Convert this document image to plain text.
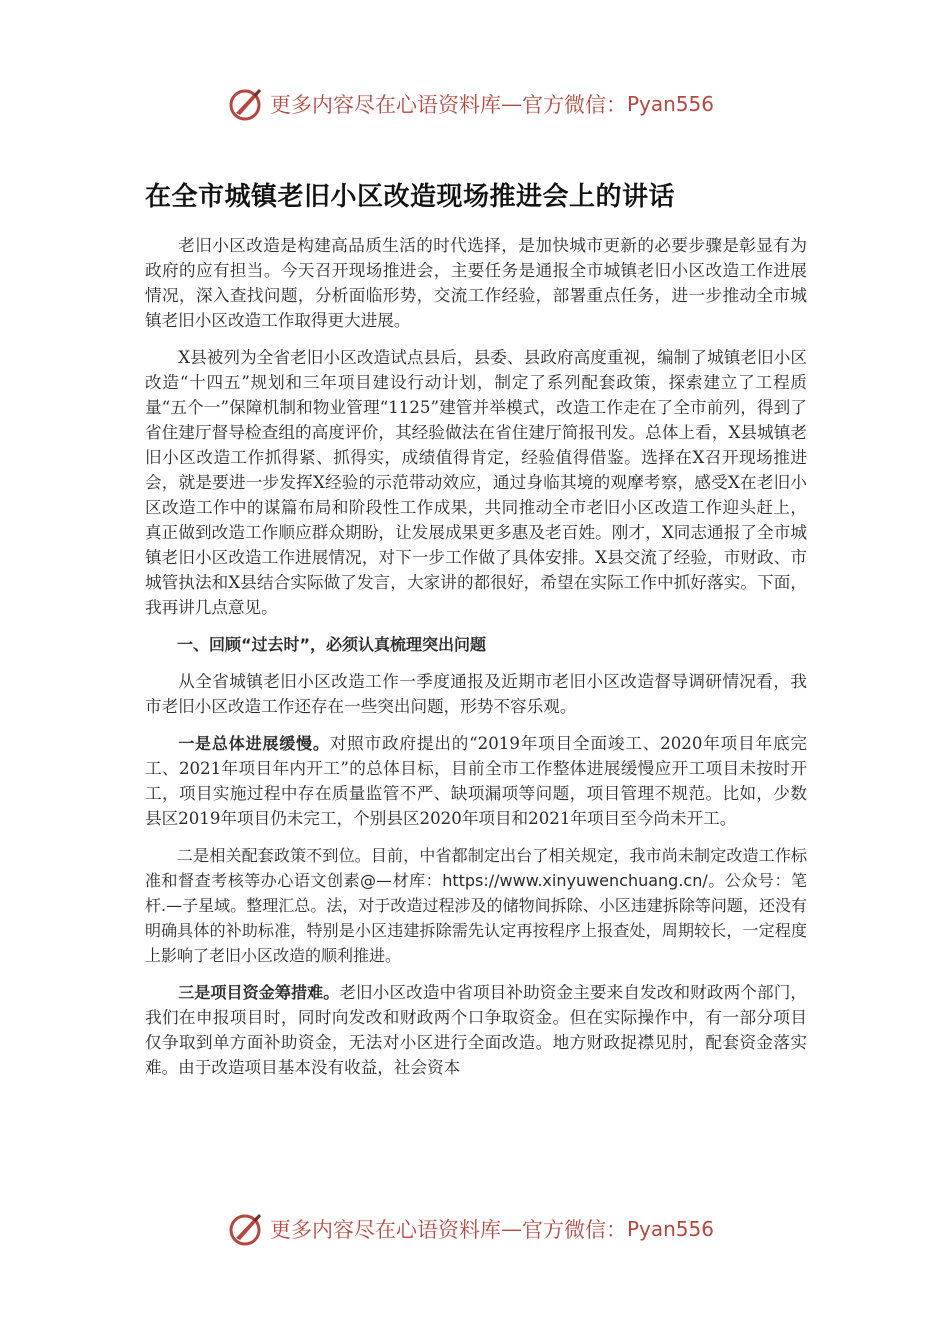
更多内容尽在心语资料库 — 官方微信： Pyan556
在全市城镇老旧小区改造现场推进会上的讲话

老旧小区改造是构建高品质生活的时代选择，是加快城市更新的必要步骤是彰显有为政府的应有担当。今天召开现场推进会，主要任务是通报全市城镇老旧小区改造工作进展情况，深入查找问题，分析面临形势，交流工作经验，部署重点任务，进一步推动全市城镇老旧小区改造工作取得更大进展。

X县被列为全省老旧小区改造试点县后，县委、县政府高度重视，编制了城镇老旧小区改造“十四五”规划和三年项目建设行动计划，制定了系列配套政策，探索建立了工程质量“五个一”保障机制和物业管理“1125”建管并举模式，改造工作走在了全市前列，得到了省住建厅督导检查组的高度评价，其经验做法在省住建厅简报刊发。总体上看，X县城镇老旧小区改造工作抓得紧、抓得实，成绩值得肯定，经验值得借鉴。选择在X召开现场推进会，就是要进一步发挥X经验的示范带动效应，通过身临其境的观摩考察，感受X在老旧小区改造工作中的谋篇布局和阶段性工作成果，共同推动全市老旧小区改造工作迎头赶上，真正做到改造工作顺应群众期盼，让发展成果更多惠及老百姓。刚才，X同志通报了全市城镇老旧小区改造工作进展情况，对下一步工作做了具体安排。X县交流了经验，市财政、市城管执法和X县结合实际做了发言，大家讲的都很好，希望在实际工作中抓好落实。下面，我再讲几点意见。

一、回顾“过去时”，必须认真梳理突出问题

从全省城镇老旧小区改造工作一季度通报及近期市老旧小区改造督导调研情况看，我市老旧小区改造工作还存在一些突出问题，形势不容乐观。

一是总体进展缓慢。对照市政府提出的“2019年项目全面竣工、2020年项目年底完工、2021年项目年内开工”的总体目标，目前全市工作整体进展缓慢应开工项目未按时开工，项目实施过程中存在质量监管不严、缺项漏项等问题，项目管理不规范。比如，少数县区2019年项目仍未完工，个别县区2020年项目和2021年项目至今尚未开工。

二是相关配套政策不到位。目前，中省都制定出台了相关规定，我市尚未制定改造工作标准和督查考核等办心语文创素@—材库：https://www.xinyuwenchuang.cn/。公众号：笔杆.—子星域。整理汇总。法，对于改造过程涉及的储物间拆除、小区违建拆除等问题，还没有明确具体的补助标准，特别是小区违建拆除需先认定再按程序上报查处，周期较长，一定程度上影响了老旧小区改造的顺利推进。

三是项目资金筹措难。老旧小区改造中省项目补助资金主要来自发改和财政两个部门，我们在申报项目时，同时向发改和财政两个口争取资金。但在实际操作中，有一部分项目仅争取到单方面补助资金，无法对小区进行全面改造。地方财政捉襟见肘，配套资金落实难。由于改造项目基本没有收益，社会资本

更多内容尽在心语资料库 — 官方微信： Pyan556
